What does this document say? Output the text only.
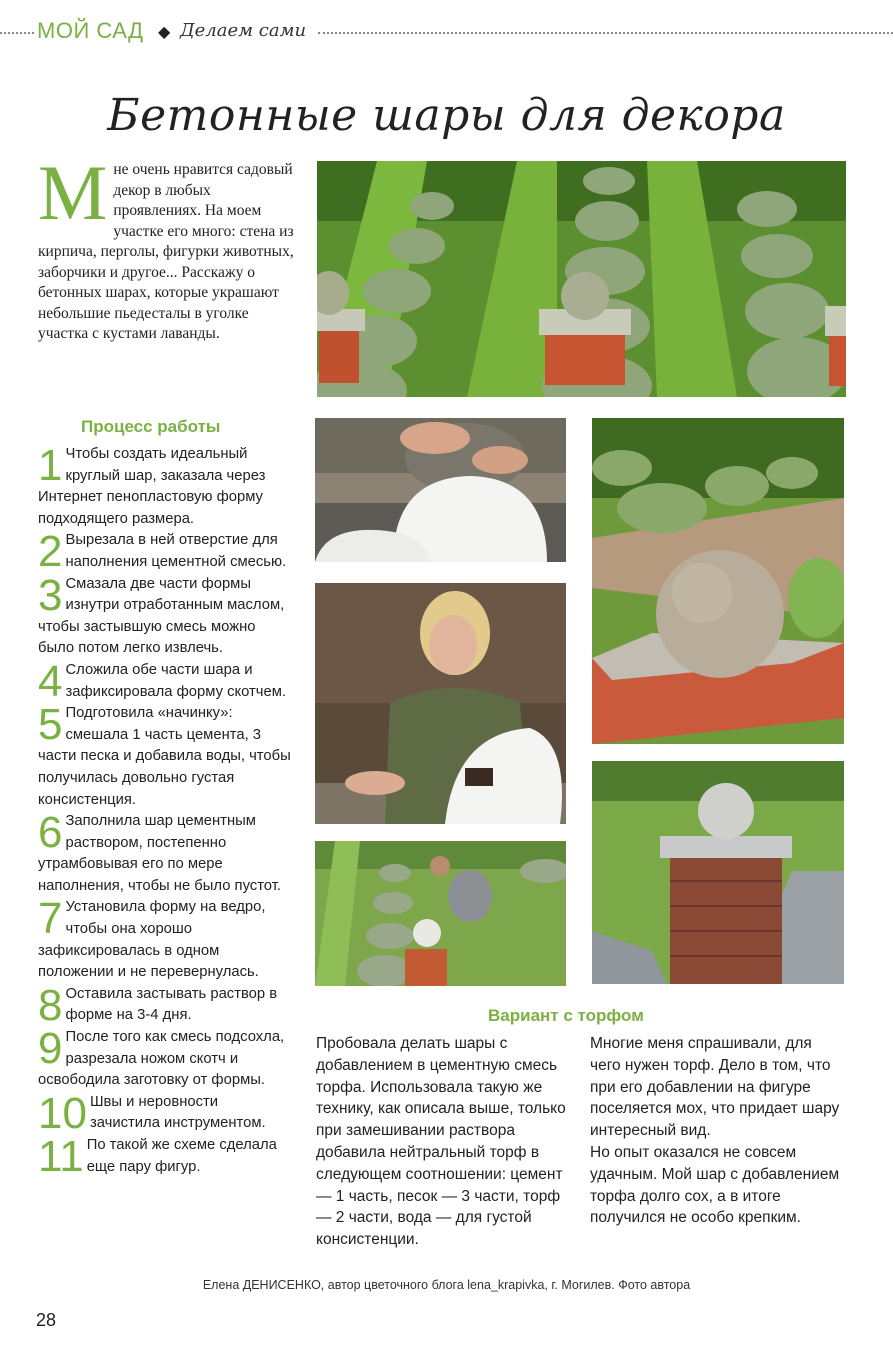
МОЙ САД ◆ Делаем сами
Бетонные шары для декора
Мне очень нравится садовый декор в любых проявлениях. На моем участке его много: стена из кирпича, перголы, фигурки животных, заборчики и другое... Расскажу о бетонных шарах, которые украшают небольшие пьедесталы в уголке участка с кустами лаванды.
Процесс работы

1 Чтобы создать идеальный круглый шар, заказала через Интернет пенопластовую форму подходящего размера.

2 Вырезала в ней отверстие для наполнения цементной смесью.

3 Смазала две части формы изнутри отработанным маслом, чтобы застывшую смесь можно было потом легко извлечь.

4 Сложила обе части шара и зафиксировала форму скотчем.

5 Подготовила «начинку»: смешала 1 часть цемента, 3 части песка и добавила воды, чтобы получилась довольно густая консистенция.

6 Заполнила шар цементным раствором, постепенно утрамбовывая его по мере наполнения, чтобы не было пустот.

7 Установила форму на ведро, чтобы она хорошо зафиксировалась в одном положении и не перевернулась.

8 Оставила застывать раствор в форме на 3-4 дня.

9 После того как смесь подсохла, разрезала ножом скотч и освободила заготовку от формы.

10 Швы и неровности зачистила инструментом.

11 По такой же схеме сделала еще пару фигур.

Вариант с торфом
Пробовала делать шары с добавлением в цементную смесь торфа. Использовала такую же технику, как описала выше, только при замешивании раствора добавила нейтральный торф в следующем соотношении: цемент — 1 часть, песок — 3 части, торф — 2 части, вода — для густой консистенции.
Многие меня спрашивали, для чего нужен торф. Дело в том, что при его добавлении на фигуре поселяется мох, что придает шару интересный вид.
Но опыт оказался не совсем удачным. Мой шар с добавлением торфа долго сох, а в итоге получился не особо крепким.
Елена ДЕНИСЕНКО, автор цветочного блога lena_krapivka, г. Могилев. Фото автора
28
